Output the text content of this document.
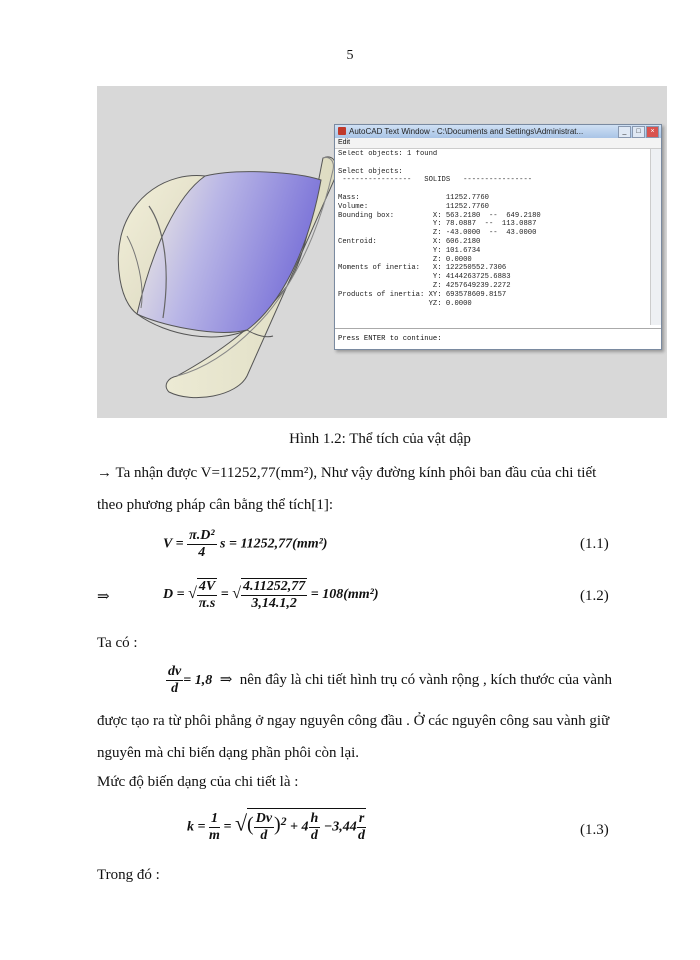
5
AutoCAD Text Window - C:\Documents and Settings\Administrat...	_	□	×
Edit
Select objects: 1 found

Select objects:
----------------   SOLIDS   ----------------

Mass:                    11252.7760
Volume:                  11252.7760
Bounding box:         X: 563.2180  --  649.2180
Y: 78.0887  --  113.0887
Z: -43.0000  --  43.0000
Centroid:             X: 606.2180
Y: 101.6734
Z: 0.0000
Moments of inertia:   X: 122250552.7306
Y: 4144263725.6883
Z: 4257649239.2272
Products of inertia: XY: 693578609.8157
YZ: 0.0000
Press ENTER to continue:
Hình 1.2: Thể tích của vật dập
→ Ta nhận được V=11252,77(mm²), Như vậy đường kính phôi ban đầu của chi tiết
theo phương pháp cân bằng thể tích[1]:
$V = \frac{\text{π.D²}}{4}$ s = 11252,77(mm²)	(1.1)
⇒	D = √ $\frac{4V}{\pi.s}$ = √ $\frac{4.11252,77}{3,14.1,2} = 108(mm^2)$	(1.2)
Ta có :
$\frac{dv}{d} = 1,8$ ⇒ nên đây là chi tiết hình trụ có vành rộng , kích thước của vành
được tạo ra từ phôi phẳng ở ngay nguyên công đầu . Ở các nguyên công sau vành giữ
nguyên mà chỉ biến dạng phần phôi còn lại.
Mức độ biến dạng của chi tiết là :
$k = \frac{1}{m}$ = √( $\frac{Dv}{d} )^2 + 4 \frac{h}{d} -3,44 \frac{r}{d}$	(1.3)
Trong đó :
